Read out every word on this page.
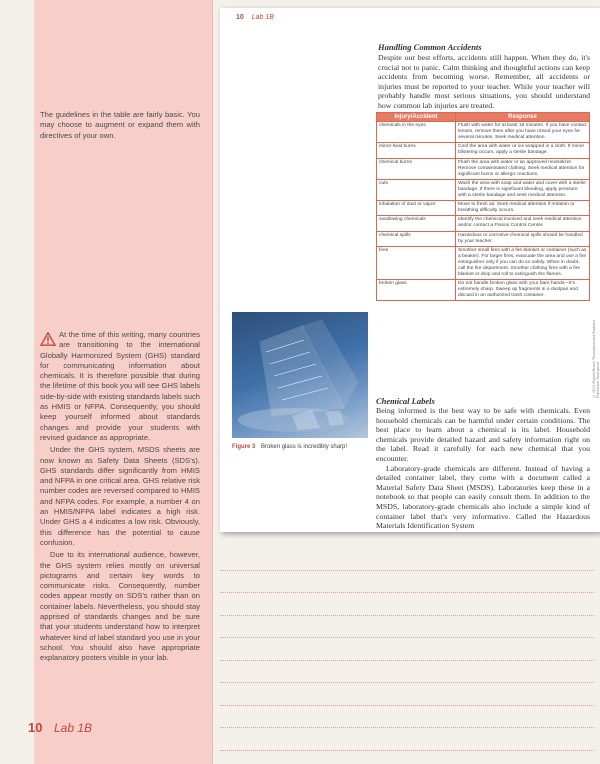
The guidelines in the table are fairly basic. You may choose to augment or expand them with directives of your own.

At the time of this writing, many countries are transitioning to the international Globally Harmonized System (GHS) standard for communicating information about chemicals. It is therefore possible that during the lifetime of this book you will see GHS labels side-by-side with existing standards labels such as HMIS or NFPA. Consequently, you should keep yourself informed about standards changes and provide your students with revised guidance as appropriate.

Under the GHS system, MSDS sheets are now known as Safety Data Sheets (SDS's). GHS standards differ significantly from HMIS and NFPA in one critical area. GHS relative risk number codes are reversed compared to HMIS and NFPA codes. For example, a number 4 on an HMIS/NFPA label indicates a high risk. Under GHS a 4 indicates a low risk. Obviously, this difference has the potential to cause confusion.

Due to its international audience, however, the GHS system relies mostly on universal pictograms and certain key words to communicate risks. Consequently, number codes appear mostly on SDS's rather than on container labels. Nevertheless, you should stay apprised of standards changes and be sure that your students understand how to interpret whatever kind of label standard you use in your school. You should also have appropriate explanatory posters visible in your lab.

10 Lab 1B
10 Lab 1B
Handling Common Accidents

Despite our best efforts, accidents still happen. When they do, it's crucial not to panic. Calm thinking and thoughtful actions can keep accidents from becoming worse. Remember, all accidents or injuries must be reported to your teacher. While your teacher will probably handle most serious situations, you should understand how common lab injuries are treated.

Injury/Accident	Response
chemicals in the eyes	Flush with water for at least 15 minutes. If you have contact lenses, remove them after you have rinsed your eyes for several minutes. Seek medical attention.
minor heat burns	Cool the area with water or ice wrapped in a cloth. If minor blistering occurs, apply a sterile bandage.
chemical burns	Flush the area with water or an approved neutralizer. Remove contaminated clothing. Seek medical attention for significant burns or allergic reactions.
cuts	Wash the area with soap and water and cover with a sterile bandage. If there is significant bleeding, apply pressure with a sterile bandage and seek medical attention.
inhalation of dust or vapor	Move to fresh air. Seek medical attention if irritation or breathing difficulty occurs.
swallowing chemicals	Identify the chemical involved and seek medical attention and/or contact a Poison Control Center.
chemical spills	Hazardous or corrosive chemical spills should be handled by your teacher.
fires	Smother small fires with a fire blanket or container (such as a beaker). For larger fires, evacuate the area and use a fire extinguisher only if you can do so safely. When in doubt, call the fire department. Smother clothing fires with a fire blanket or drop and roll to extinguish the flames.
broken glass	Do not handle broken glass with your bare hands—it's extremely sharp. Sweep up fragments in a dustpan and discard in an authorized trash container.
Figure 3 Broken glass is incredibly sharp!
© 2014 Robert Bruce Thompson and Barbara Fritchman Thompson
Chemical Labels

Being informed is the best way to be safe with chemicals. Even household chemicals can be harmful under certain conditions. The best place to learn about a chemical is its label. Household chemicals provide detailed hazard and safety information right on the label. Read it carefully for each new chemical that you encounter.

Laboratory-grade chemicals are different. Instead of having a detailed container label, they come with a document called a Material Safety Data Sheet (MSDS). Laboratories keep these in a notebook so that people can easily consult them. In addition to the MSDS, laboratory-grade chemicals also include a simple kind of container label that's very informative. Called the Hazardous Materials Identification System
